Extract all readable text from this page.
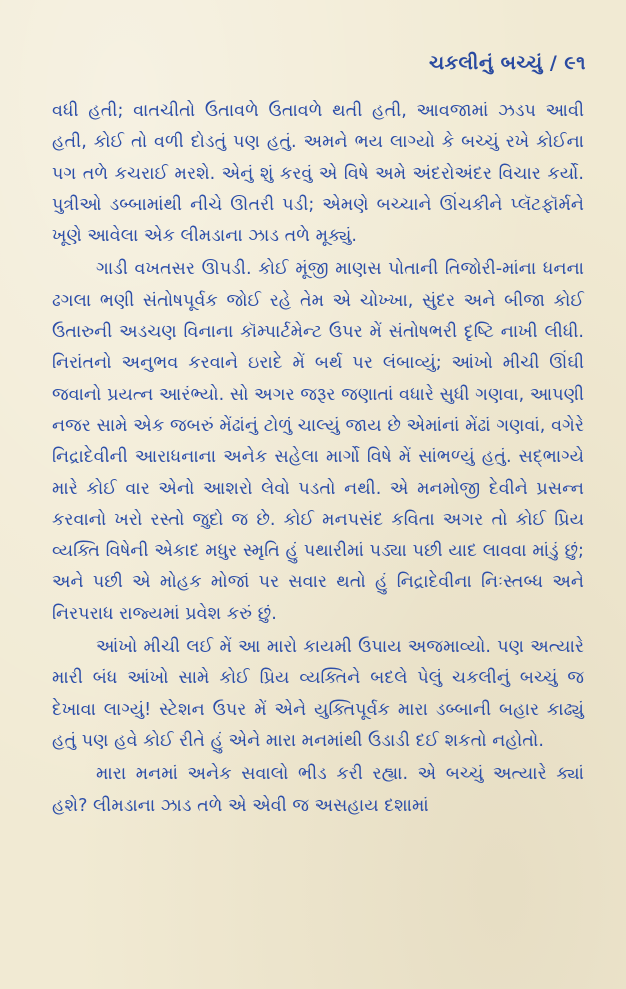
ચકલીનું બચ્ચું / ૯૧

વધી હતી; વાતચીતો ઉતાવળે ઉતાવળે થતી હતી, આવજામાં ઝડપ આવી હતી, કોઈ તો વળી દોડતું પણ હતું. અમને ભય લાગ્યો કે બચ્ચું રખે કોઈના પગ તળે કચરાઈ મરશે. એનું શું કરવું એ વિષે અમે અંદરોઅંદર વિચાર કર્યો. પુત્રીઓ ડબ્બામાંથી નીચે ઊતરી પડી; એમણે બચ્ચાને ઊંચકીને પ્લૅટફૉર્મને ખૂણે આવેલા એક લીમડાના ઝાડ તળે મૂક્યું.

ગાડી વખતસર ઊપડી. કોઈ મૂંજી માણસ પોતાની તિજોરી-માંના ધનના ઢગલા ભણી સંતોષપૂર્વક જોઈ રહે તેમ એ ચોખ્ખા, સુંદર અને બીજા કોઈ ઉતારુની અડચણ વિનાના કૉમ્પાર્ટમેન્ટ ઉપર મેં સંતોષભરી દૃષ્ટિ નાખી લીધી. નિરાંતનો અનુભવ કરવાને ઇરાદે મેં બર્થ પર લંબાવ્યું; આંખો મીચી ઊંઘી જવાનો પ્રયત્ન આરંભ્યો. સો અગર જરૂર જણાતાં વધારે સુધી ગણવા, આપણી નજર સામે એક જબરું મેંઢાંનું ટોળું ચાલ્યું જાય છે એમાંનાં મેંઢાં ગણવાં, વગેરે નિદ્રાદેવીની આરાધનાના અનેક સહેલા માર્ગો વિષે મેં સાંભળ્યું હતું. સદ્ભાગ્યે મારે કોઈ વાર એનો આશરો લેવો પડતો નથી. એ મનમોજી દેવીને પ્રસન્ન કરવાનો ખરો રસ્તો જુદો જ છે. કોઈ મનપસંદ કવિતા અગર તો કોઈ પ્રિય વ્યક્તિ વિષેની એકાદ મધુર સ્મૃતિ હું પથારીમાં પડ્યા પછી યાદ લાવવા માંડું છું; અને પછી એ મોહક મોજાં પર સવાર થતો હું નિદ્રાદેવીના નિઃસ્તબ્ધ અને નિરપરાધ રાજ્યમાં પ્રવેશ કરું છું.

આંખો મીચી લઈ મેં આ મારો કાયમી ઉપાય અજમાવ્યો. પણ અત્યારે મારી બંધ આંખો સામે કોઈ પ્રિય વ્યક્તિને બદલે પેલું ચકલીનું બચ્ચું જ દેખાવા લાગ્યું! સ્ટેશન ઉપર મેં એને યુક્તિપૂર્વક મારા ડબ્બાની બહાર કાઢ્યું હતું પણ હવે કોઈ રીતે હું એને મારા મનમાંથી ઉડાડી દઈ શકતો નહોતો.

મારા મનમાં અનેક સવાલો ભીડ કરી રહ્યા. એ બચ્ચું અત્યારે ક્યાં હશે? લીમડાના ઝાડ તળે એ એવી જ અસહાય દશામાં
